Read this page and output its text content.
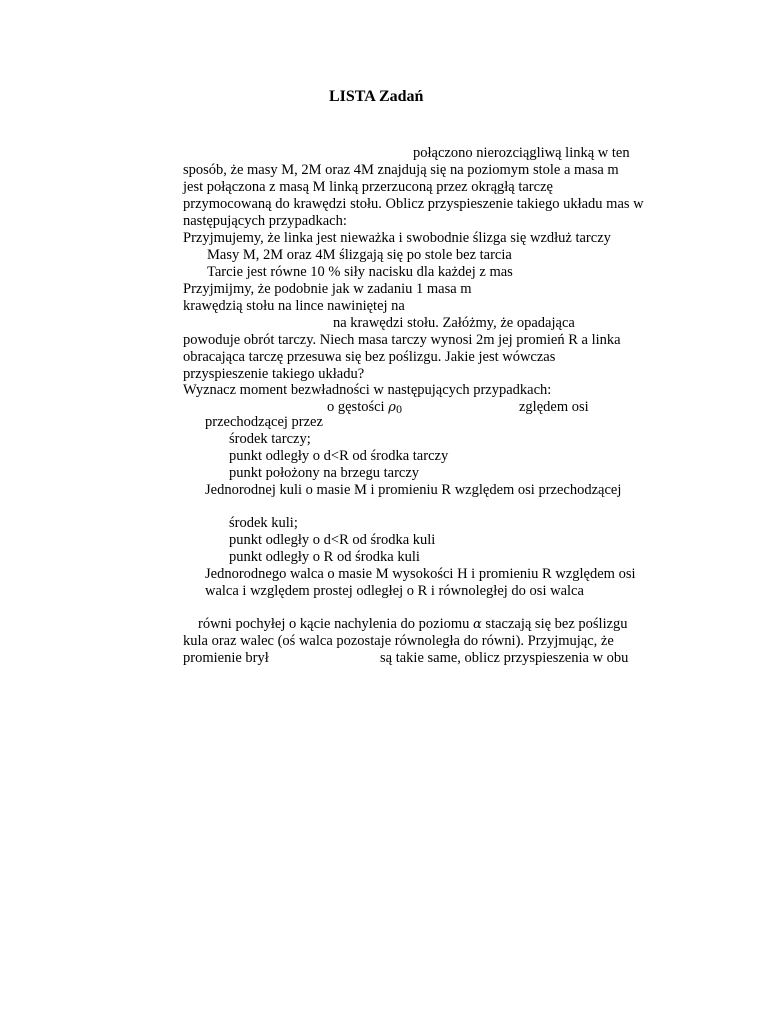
LISTA Zadań
połączono nierozciągliwą linką w ten
sposób, że masy M, 2M oraz 4M znajdują się na poziomym stole a masa m
jest połączona z masą M linką przerzuconą przez okrągłą tarczę
przymocowaną do krawędzi stołu. Oblicz przyspieszenie takiego układu mas w
następujących przypadkach:
Przyjmujemy, że linka jest nieważka i swobodnie ślizga się wzdłuż tarczy
Masy M, 2M oraz 4M ślizgają się po stole bez tarcia
Tarcie jest równe 10 % siły nacisku dla każdej z mas
Przyjmijmy, że podobnie jak w zadaniu 1 masa m
krawędzią stołu na lince nawiniętej na
na krawędzi stołu. Załóżmy, że opadająca
powoduje obrót tarczy. Niech masa tarczy wynosi 2m jej promień R a linka
obracająca tarczę przesuwa się bez poślizgu. Jakie jest wówczas
przyspieszenie takiego układu?
Wyznacz moment bezwładności w następujących przypadkach:
o gęstości $\rho_0$	zględem osi
przechodzącej przez
środek tarczy;
punkt odległy o d<R od środka tarczy
punkt położony na brzegu tarczy
Jednorodnej kuli o masie M i promieniu R względem osi przechodzącej
środek kuli;
punkt odległy o d<R od środka kuli
punkt odległy o R od środka kuli
Jednorodnego walca o masie M wysokości H i promieniu R względem osi
walca i względem prostej odległej o R i równoległej do osi walca
równi pochyłej o kącie nachylenia do poziomu α staczają się bez poślizgu
kula oraz walec (oś walca pozostaje równoległa do równi). Przyjmując, że
promienie brył	są takie same, oblicz przyspieszenia w obu
